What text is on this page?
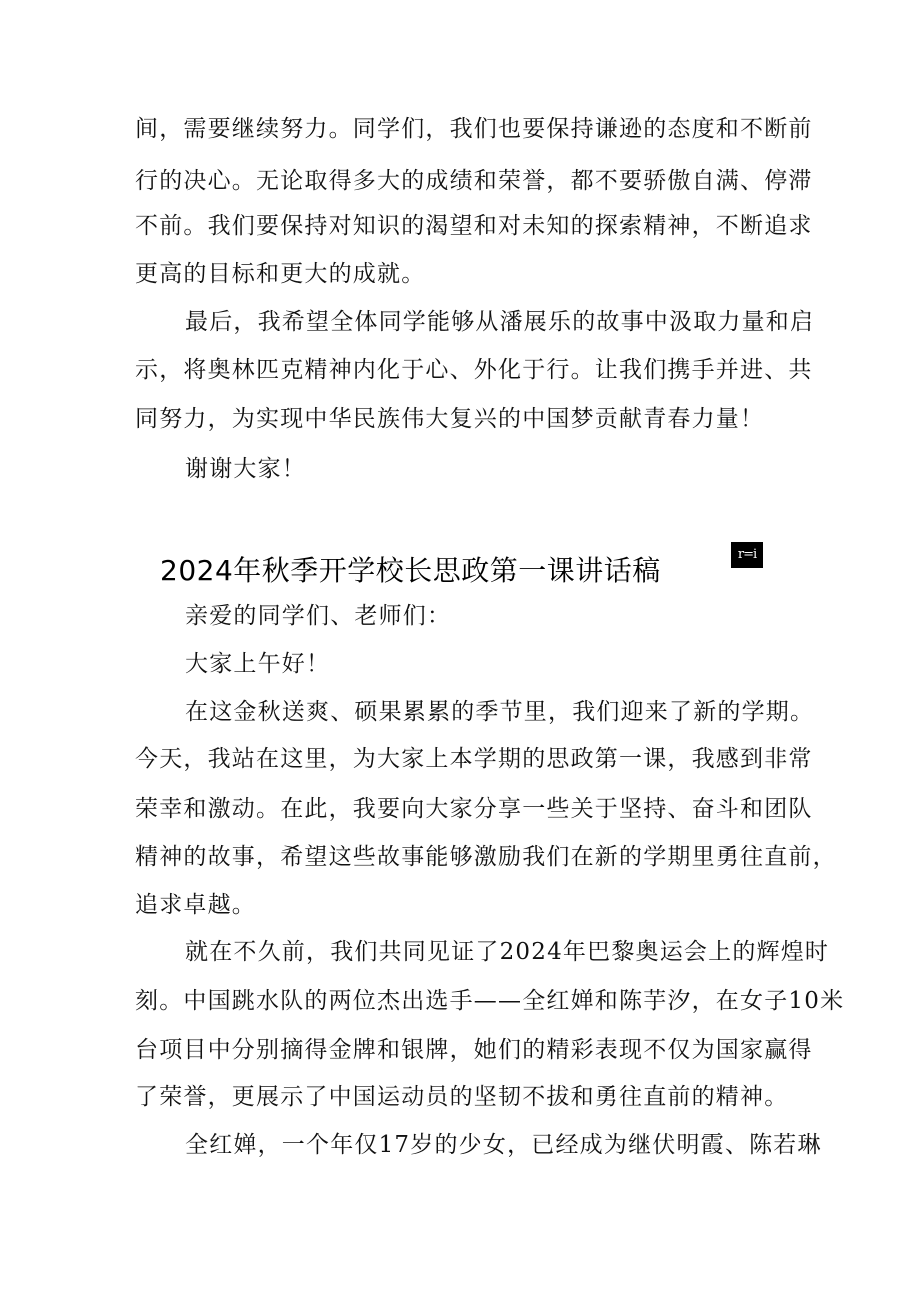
间，需要继续努力。同学们，我们也要保持谦逊的态度和不断前
行的决心。无论取得多大的成绩和荣誉，都不要骄傲自满、停滞
不前。我们要保持对知识的渴望和对未知的探索精神，不断追求
更高的目标和更大的成就。
最后，我希望全体同学能够从潘展乐的故事中汲取力量和启
示，将奥林匹克精神内化于心、外化于行。让我们携手并进、共
同努力，为实现中华民族伟大复兴的中国梦贡献青春力量！
谢谢大家！
2024年秋季开学校长思政第一课讲话稿	r=i
亲爱的同学们、老师们：
大家上午好！
在这金秋送爽、硕果累累的季节里，我们迎来了新的学期。
今天，我站在这里，为大家上本学期的思政第一课，我感到非常
荣幸和激动。在此，我要向大家分享一些关于坚持、奋斗和团队
精神的故事，希望这些故事能够激励我们在新的学期里勇往直前，
追求卓越。
就在不久前，我们共同见证了2024年巴黎奥运会上的辉煌时
刻。中国跳水队的两位杰出选手——全红婵和陈芋汐，在女子10米
台项目中分别摘得金牌和银牌，她们的精彩表现不仅为国家赢得
了荣誉，更展示了中国运动员的坚韧不拔和勇往直前的精神。
全红婵，一个年仅17岁的少女，已经成为继伏明霞、陈若琳
